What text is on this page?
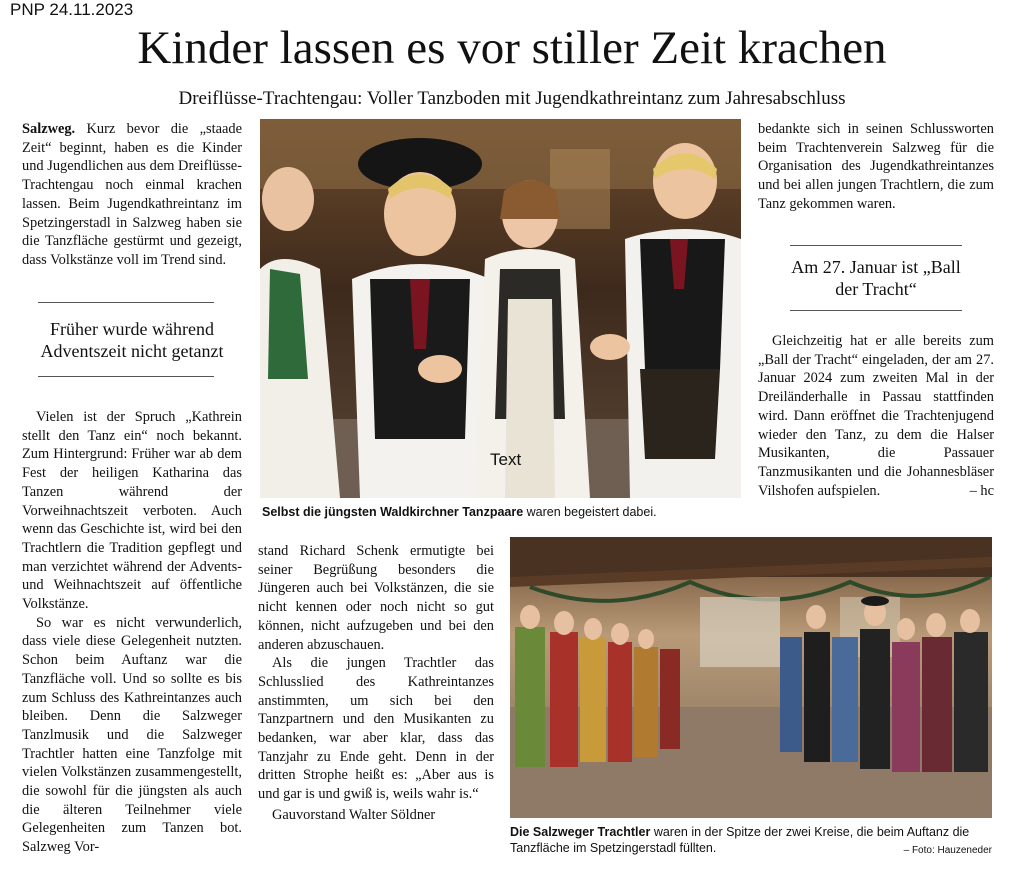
PNP 24.11.2023
Kinder lassen es vor stiller Zeit krachen
Dreiflüsse-Trachtengau: Voller Tanzboden mit Jugendkathreintanz zum Jahresabschluss

Salzweg. Kurz bevor die „staade Zeit“ beginnt, haben es die Kinder und Jugendlichen aus dem Dreiflüsse-Trachtengau noch einmal krachen lassen. Beim Jugendkathreintanz im Spetzingerstadl in Salzweg haben sie die Tanzfläche gestürmt und gezeigt, dass Volkstänze voll im Trend sind.

Früher wurde während Adventszeit nicht getanzt

Vielen ist der Spruch „Kathrein stellt den Tanz ein“ noch bekannt. Zum Hintergrund: Früher war ab dem Fest der heiligen Katharina das Tanzen während der Vorweihnachtszeit verboten. Auch wenn das Geschichte ist, wird bei den Trachtlern die Tradition gepflegt und man verzichtet während der Advents- und Weihnachtszeit auf öffentliche Volkstänze.

So war es nicht verwunderlich, dass viele diese Gelegenheit nutzten. Schon beim Auftanz war die Tanzfläche voll. Und so sollte es bis zum Schluss des Kathreintanzes auch bleiben. Denn die Salzweger Tanzlmusik und die Salzweger Trachtler hatten eine Tanzfolge mit vielen Volkstänzen zusammengestellt, die sowohl für die jüngsten als auch die älteren Teilnehmer viele Gelegenheiten zum Tanzen bot. Salzweg Vor-

Text
Selbst die jüngsten Waldkirchner Tanzpaare waren begeistert dabei.

stand Richard Schenk ermutigte bei seiner Begrüßung besonders die Jüngeren auch bei Volkstänzen, die sie nicht kennen oder noch nicht so gut können, nicht aufzugeben und bei den anderen abzuschauen.

Als die jungen Trachtler das Schlusslied des Kathreintanzes anstimmten, um sich bei den Tanzpartnern und den Musikanten zu bedanken, war aber klar, dass das Tanzjahr zu Ende geht. Denn in der dritten Strophe heißt es: „Aber aus is und gar is und gwiß is, weils wahr is.“

Gauvorstand Walter Söldner

bedankte sich in seinen Schlussworten beim Trachtenverein Salzweg für die Organisation des Jugendkathreintanzes und bei allen jungen Trachtlern, die zum Tanz gekommen waren.

Am 27. Januar ist „Ball der Tracht“

Gleichzeitig hat er alle bereits zum „Ball der Tracht“ eingeladen, der am 27. Januar 2024 zum zweiten Mal in der Dreiländerhalle in Passau stattfinden wird. Dann eröffnet die Trachtenjugend wieder den Tanz, zu dem die Halser Musikanten, die Passauer Tanzmusikanten und die Johannesbläser Vilshofen aufspielen.	– hc

Die Salzweger Trachtler waren in der Spitze der zwei Kreise, die beim Auftanz die Tanzfläche im Spetzingerstadl füllten.	– Foto: Hauzeneder
